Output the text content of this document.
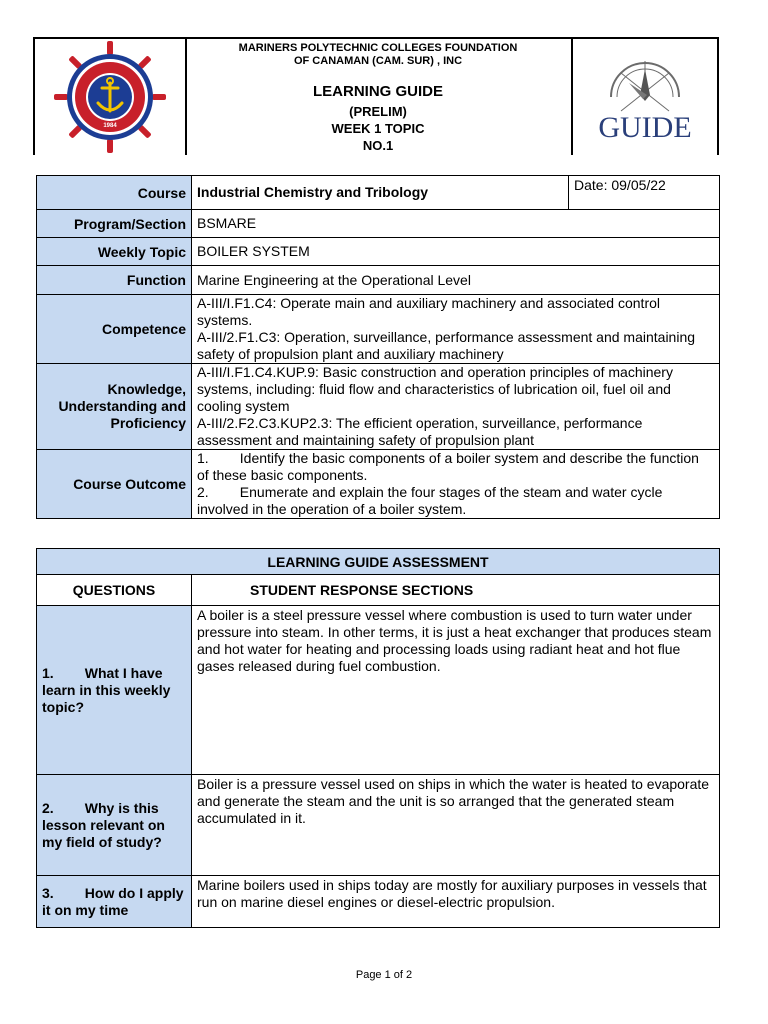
1984
MARINERS POLYTECHNIC COLLEGES FOUNDATION
OF CANAMAN (CAM. SUR) , INC
LEARNING GUIDE
(PRELIM)
WEEK 1 TOPIC
NO.1
GUIDE
Course	Industrial Chemistry and Tribology	Date: 09/05/22
Program/Section	BSMARE	
Weekly Topic	BOILER SYSTEM	
Function	Marine Engineering at the Operational Level	
Competence	A-III/I.F1.C4: Operate main and auxiliary machinery and associated control systems.
A-III/2.F1.C3: Operation, surveillance, performance assessment and maintaining safety of propulsion plant and auxiliary machinery	

Knowledge, Understanding and Proficiency	A-III/I.F1.C4.KUP.9: Basic construction and operation principles of machinery systems, including: fluid flow and characteristics of lubrication oil, fuel oil and cooling system
A-III/2.F2.C3.KUP2.3: The efficient operation, surveillance, performance assessment and maintaining safety of propulsion plant	

Course Outcome	1.        Identify the basic components of a boiler system and describe the function of these basic components.
2.        Enumerate and explain the four stages of the steam and water cycle involved in the operation of a boiler system.	
LEARNING GUIDE ASSESSMENT	
QUESTIONS	STUDENT RESPONSE SECTIONS
1.        What I have learn in this weekly topic?	A boiler is a steel pressure vessel where combustion is used to turn water under pressure into steam. In other terms, it is just a heat exchanger that produces steam and hot water for heating and processing loads using radiant heat and hot flue gases released during fuel combustion.
2.        Why is this lesson relevant on my field of study?	Boiler is a pressure vessel used on ships in which the water is heated to evaporate and generate the steam and the unit is so arranged that the generated steam accumulated in it.
3.        How do I apply it on my time	Marine boilers used in ships today are mostly for auxiliary purposes in vessels that run on marine diesel engines or diesel-electric propulsion.
Page 1 of 2
